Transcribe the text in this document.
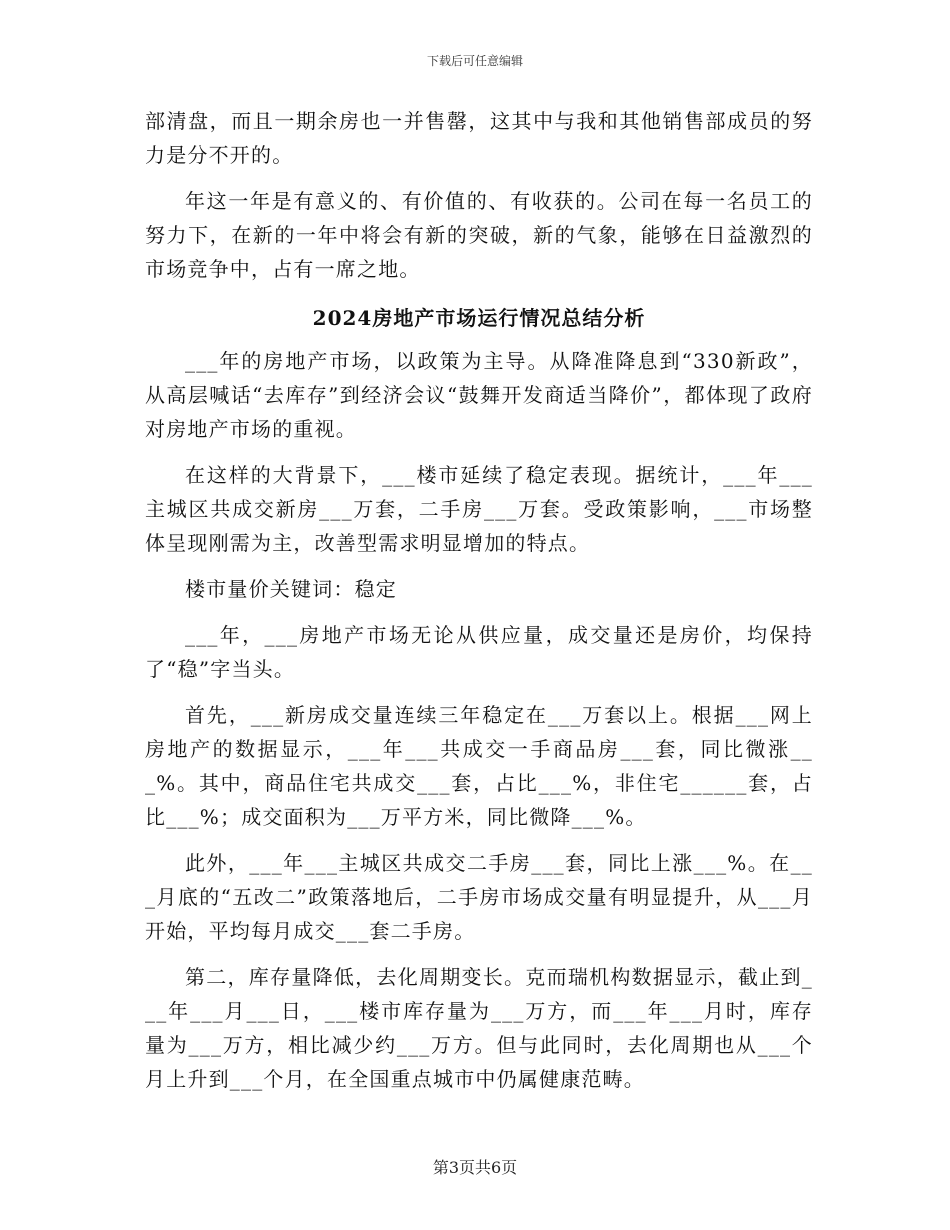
下载后可任意编辑

部清盘，而且一期余房也一并售罄，这其中与我和其他销售部成员的努力是分不开的。

年这一年是有意义的、有价值的、有收获的。公司在每一名员工的努力下，在新的一年中将会有新的突破，新的气象，能够在日益激烈的市场竞争中，占有一席之地。

2024房地产市场运行情况总结分析

___年的房地产市场，以政策为主导。从降准降息到“330新政”，从高层喊话“去库存”到经济会议“鼓舞开发商适当降价”，都体现了政府对房地产市场的重视。

在这样的大背景下，___楼市延续了稳定表现。据统计，___年___主城区共成交新房___万套，二手房___万套。受政策影响，___市场整体呈现刚需为主，改善型需求明显增加的特点。

楼市量价关键词：稳定

___年，___房地产市场无论从供应量，成交量还是房价，均保持了“稳”字当头。

首先，___新房成交量连续三年稳定在___万套以上。根据___网上房地产的数据显示，___年___共成交一手商品房___套，同比微涨___%。其中，商品住宅共成交___套，占比___%，非住宅______套，占比___%；成交面积为___万平方米，同比微降___%。

此外，___年___主城区共成交二手房___套，同比上涨___%。在___月底的“五改二”政策落地后，二手房市场成交量有明显提升，从___月开始，平均每月成交___套二手房。

第二，库存量降低，去化周期变长。克而瑞机构数据显示，截止到___年___月___日，___楼市库存量为___万方，而___年___月时，库存量为___万方，相比减少约___万方。但与此同时，去化周期也从___个月上升到___个月，在全国重点城市中仍属健康范畴。

第3页共6页
